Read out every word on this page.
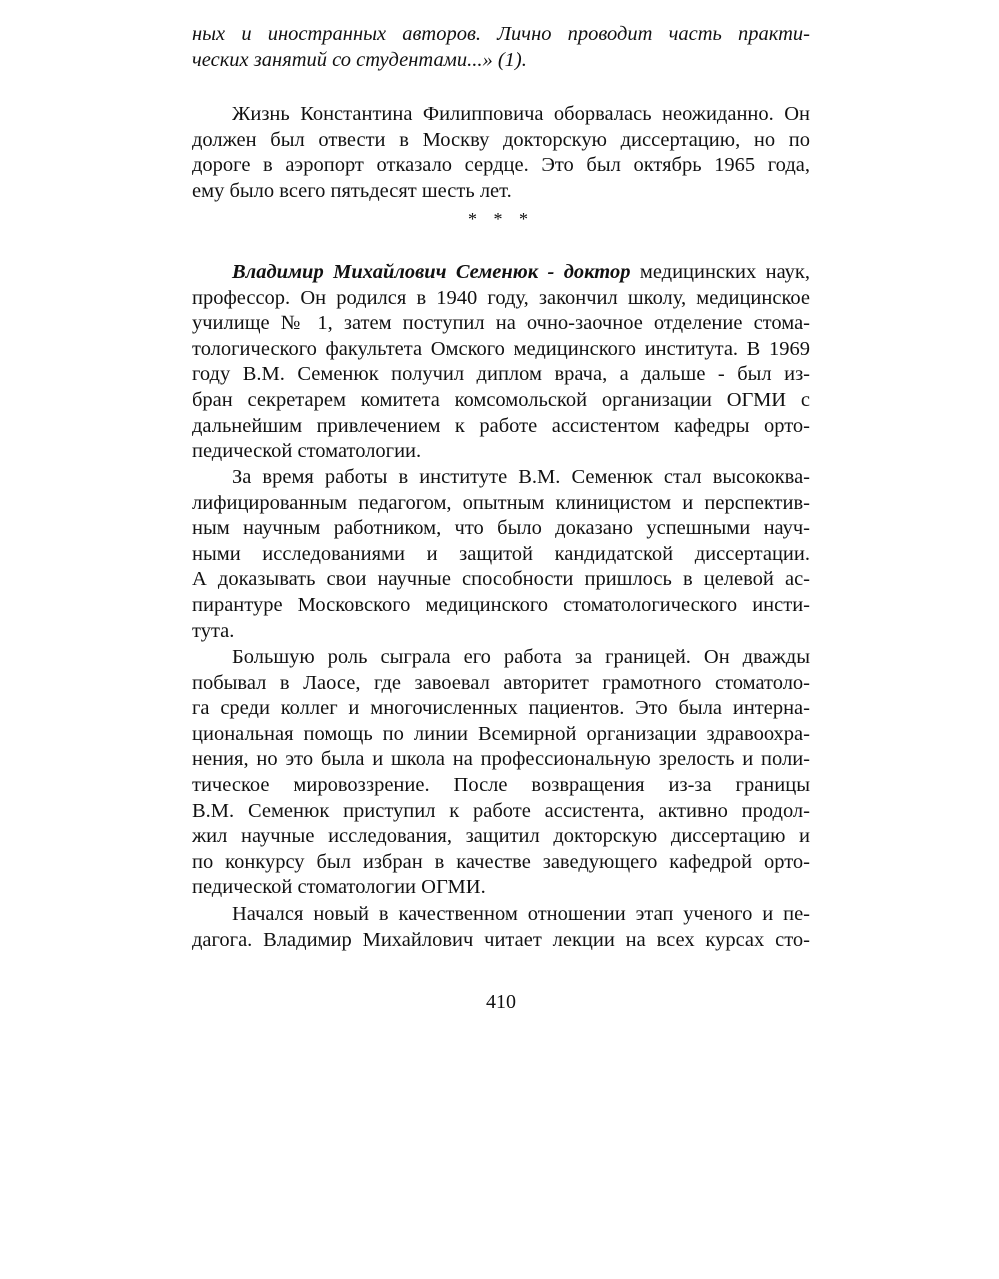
ных и иностранных авторов. Лично проводит часть практи-
ческих занятий со студентами...» (1).
Жизнь Константина Филипповича оборвалась неожиданно. Он
должен был отвести в Москву докторскую диссертацию, но по
дороге в аэропорт отказало сердце. Это был октябрь 1965 года,
ему было всего пятьдесят шесть лет.
* * *
Владимир Михайлович Семенюк - доктор медицинских наук,
профессор. Он родился в 1940 году, закончил школу, медицинское
училище № 1, затем поступил на очно-заочное отделение стома-
тологического факультета Омского медицинского института. В 1969
году В.М. Семенюк получил диплом врача, а дальше - был из-
бран секретарем комитета комсомольской организации ОГМИ с
дальнейшим привлечением к работе ассистентом кафедры орто-
педической стоматологии.
За время работы в институте В.М. Семенюк стал высококва-
лифицированным педагогом, опытным клиницистом и перспектив-
ным научным работником, что было доказано успешными науч-
ными исследованиями и защитой кандидатской диссертации.
А доказывать свои научные способности пришлось в целевой ас-
пирантуре Московского медицинского стоматологического инсти-
тута.
Большую роль сыграла его работа за границей. Он дважды
побывал в Лаосе, где завоевал авторитет грамотного стоматоло-
га среди коллег и многочисленных пациентов. Это была интерна-
циональная помощь по линии Всемирной организации здравоохра-
нения, но это была и школа на профессиональную зрелость и поли-
тическое мировоззрение. После возвращения из-за границы
В.М. Семенюк приступил к работе ассистента, активно продол-
жил научные исследования, защитил докторскую диссертацию и
по конкурсу был избран в качестве заведующего кафедрой орто-
педической стоматологии ОГМИ.
Начался новый в качественном отношении этап ученого и пе-
дагога. Владимир Михайлович читает лекции на всех курсах сто-
410
